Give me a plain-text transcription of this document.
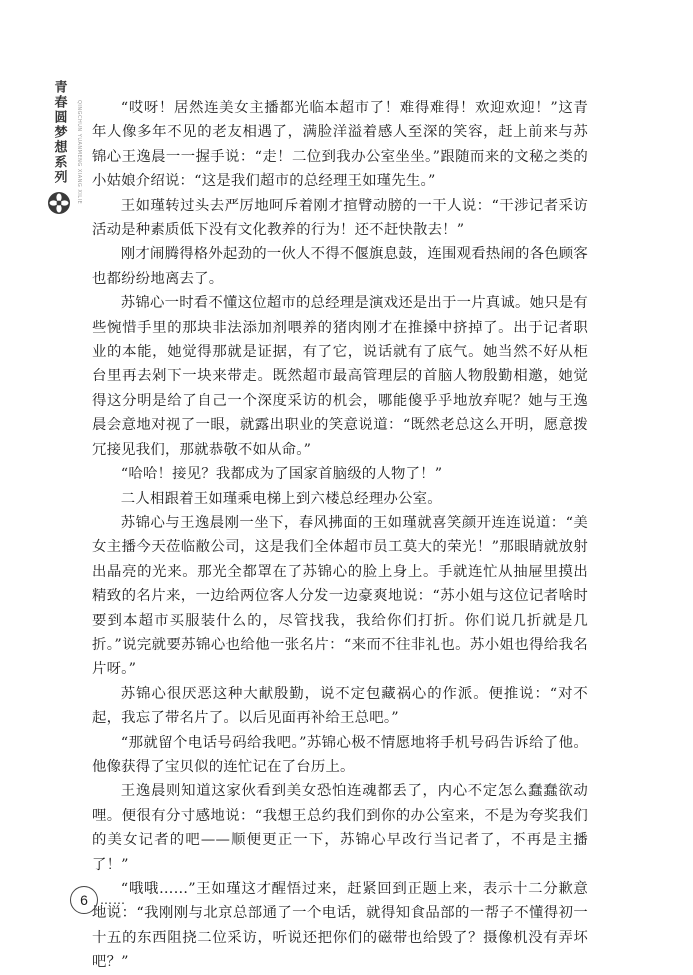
青春圆梦想系列	QINGCHUN YUANMENG XIANG XILIE	“哎呀！居然连美女主播都光临本超市了！难得难得！欢迎欢迎！”这青年人像多年不见的老友相遇了，满脸洋溢着感人至深的笑容，赶上前来与苏锦心王逸晨一一握手说：“走！二位到我办公室坐坐。”跟随而来的文秘之类的小姑娘介绍说：“这是我们超市的总经理王如瑾先生。”

王如瑾转过头去严厉地呵斥着刚才揎臂动膀的一干人说：“干涉记者采访活动是种素质低下没有文化教养的行为！还不赶快散去！”

刚才闹腾得格外起劲的一伙人不得不偃旗息鼓，连围观看热闹的各色顾客也都纷纷地离去了。

苏锦心一时看不懂这位超市的总经理是演戏还是出于一片真诚。她只是有些惋惜手里的那块非法添加剂喂养的猪肉刚才在推搡中挤掉了。出于记者职业的本能，她觉得那就是证据，有了它，说话就有了底气。她当然不好从柜台里再去剁下一块来带走。既然超市最高管理层的首脑人物殷勤相邀，她觉得这分明是给了自己一个深度采访的机会，哪能傻乎乎地放弃呢？她与王逸晨会意地对视了一眼，就露出职业的笑意说道：“既然老总这么开明，愿意拨冗接见我们，那就恭敬不如从命。”

“哈哈！接见？我都成为了国家首脑级的人物了！”

二人相跟着王如瑾乘电梯上到六楼总经理办公室。

苏锦心与王逸晨刚一坐下，春风拂面的王如瑾就喜笑颜开连连说道：“美女主播今天莅临敝公司，这是我们全体超市员工莫大的荣光！”那眼睛就放射出晶亮的光来。那光全都罩在了苏锦心的脸上身上。手就连忙从抽屉里摸出精致的名片来，一边给两位客人分发一边豪爽地说：“苏小姐与这位记者啥时要到本超市买服装什么的，尽管找我，我给你们打折。你们说几折就是几折。”说完就要苏锦心也给他一张名片：“来而不往非礼也。苏小姐也得给我名片呀。”

苏锦心很厌恶这种大献殷勤，说不定包藏祸心的作派。便推说：“对不起，我忘了带名片了。以后见面再补给王总吧。”

“那就留个电话号码给我吧。”苏锦心极不情愿地将手机号码告诉给了他。他像获得了宝贝似的连忙记在了台历上。

王逸晨则知道这家伙看到美女恐怕连魂都丢了，内心不定怎么蠢蠢欲动哩。便很有分寸感地说：“我想王总约我们到你的办公室来，不是为夸奖我们的美女记者的吧——顺便更正一下，苏锦心早改行当记者了，不再是主播了！”

“哦哦……”王如瑾这才醒悟过来，赶紧回到正题上来，表示十二分歉意地说：“我刚刚与北京总部通了一个电话，就得知食品部的一帮子不懂得初一十五的东西阻挠二位采访，听说还把你们的磁带也给毁了？摄像机没有弄坏吧？”

6	……
